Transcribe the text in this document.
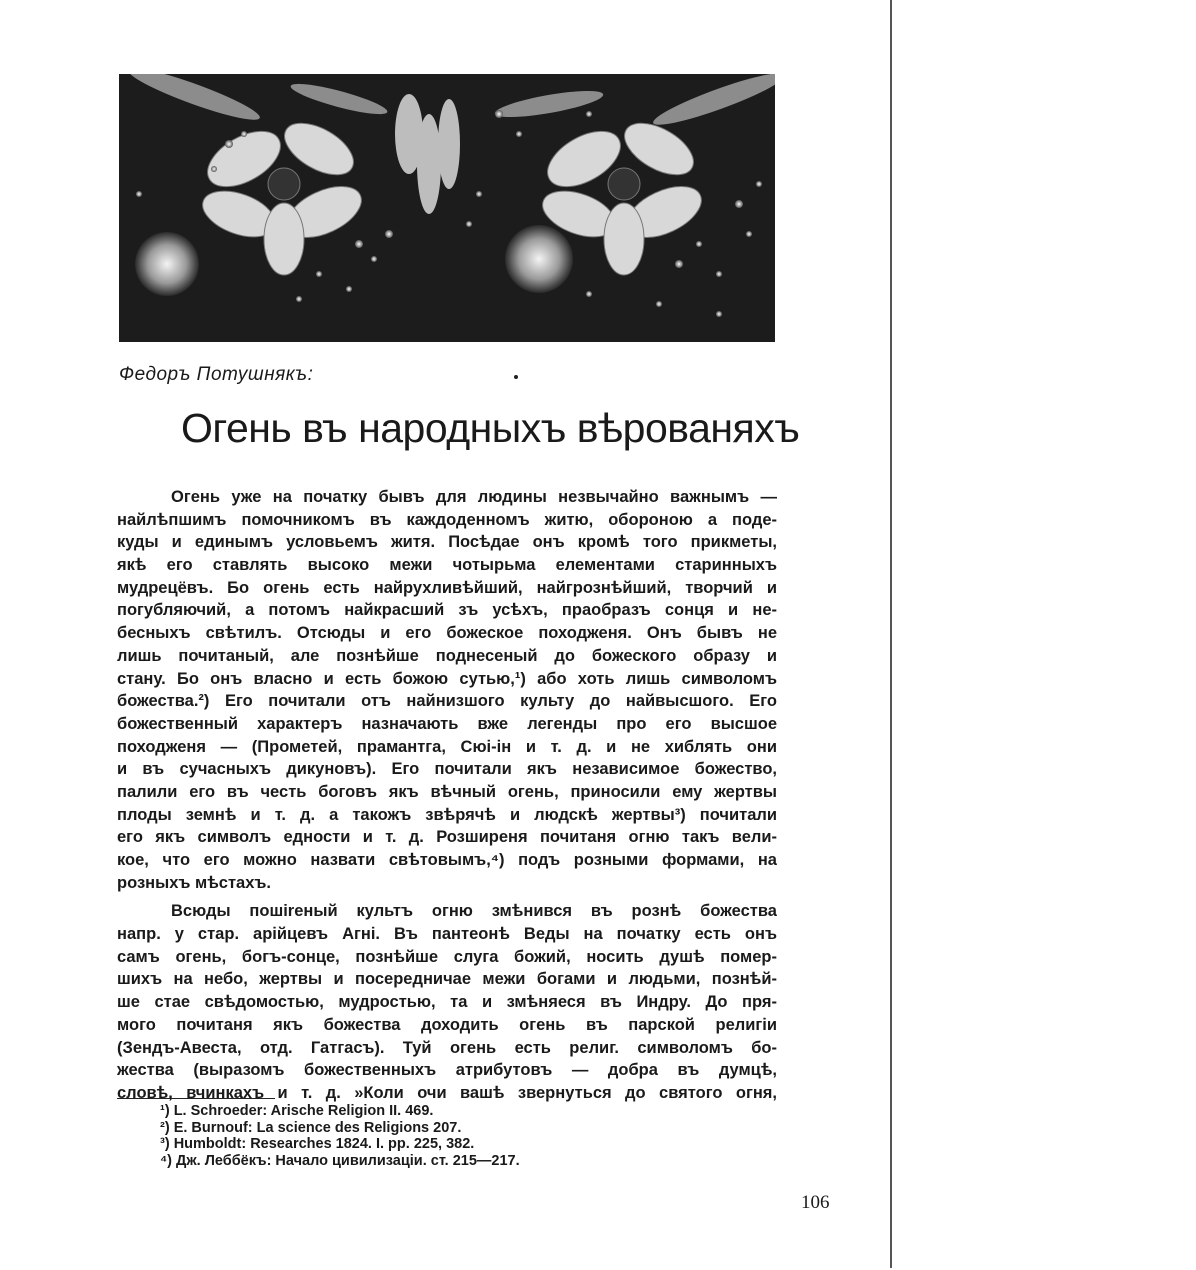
Федоръ Потушнякъ:
Огень въ народныхъ вѣрованяхъ
Огень уже на початку бывъ для людины незвычайно важнымъ —
найлѣпшимъ помочникомъ въ каждоденномъ житю, обороною а подe-
куды и единымъ условьемъ житя. Посѣдае онъ кромѣ того прикметы,
якѣ его ставлять высоко межи чотырьма елементами старинныхъ
мудрецёвъ. Бо огень есть найрухливѣйший, найгрознѣйший, творчий и
погубляючий, а потомъ найкрасший зъ усѣхъ, праобразъ сонця и не-
бесныхъ свѣтилъ. Отсюды и его божеское походженя. Онъ бывъ не
лишь почитаный, але познѣйше поднесеный до божеского образу и
стану. Бо онъ власно и есть божою сутью,¹) або хоть лишь символомъ
божества.²) Его почитали отъ найнизшого культу до найвысшого. Его
божественный характеръ назначають вже легенды про его высшое
походженя — (Прометей, прамантга, Сюі-ін и т. д. и не хиблять они
и въ сучасныхъ дикуновъ). Его почитали якъ независимое божество,
палили его въ честь боговъ якъ вѣчный огень, приносили ему жертвы
плоды земнѣ и т. д. а такожъ звѣрячѣ и людскѣ жертвы³) почитали
его якъ символъ едности и т. д. Розширеня почитаня огню такъ вели-
кое, что его можно назвати свѣтовымъ,⁴) подъ розными формами, на
розныхъ мѣстахъ.
Всюды пошireный культъ огню змѣнився въ рознѣ божества
напр. у стар. арійцевъ Агні. Въ пантеонѣ Веды на початку есть онъ
самъ огень, богъ-сонце, познѣйше слуга божий, носить душѣ помер-
шихъ на небо, жертвы и посередничае межи богами и людьми, познѣй-
ше стае свѣдомостью, мудростью, та и змѣняеся въ Индру. До пря-
мого почитаня якъ божества доходить огень въ парской религіи
(Зендъ-Авеста, отд. Гатгасъ). Туй огень есть религ. символомъ бо-
жества (выразомъ божественныхъ атрибутовъ — добра въ думцѣ,
словѣ, вчинкахъ и т. д. »Коли очи вашѣ звернуться до святого огня,
¹) L. Schroeder: Arische Religion II. 469.
²) E. Burnouf: La science des Religions 207.
³) Humboldt: Researches 1824. I. pp. 225, 382.
⁴) Дж. Леббёкъ: Начало цивилизаціи. ст. 215—217.
106
